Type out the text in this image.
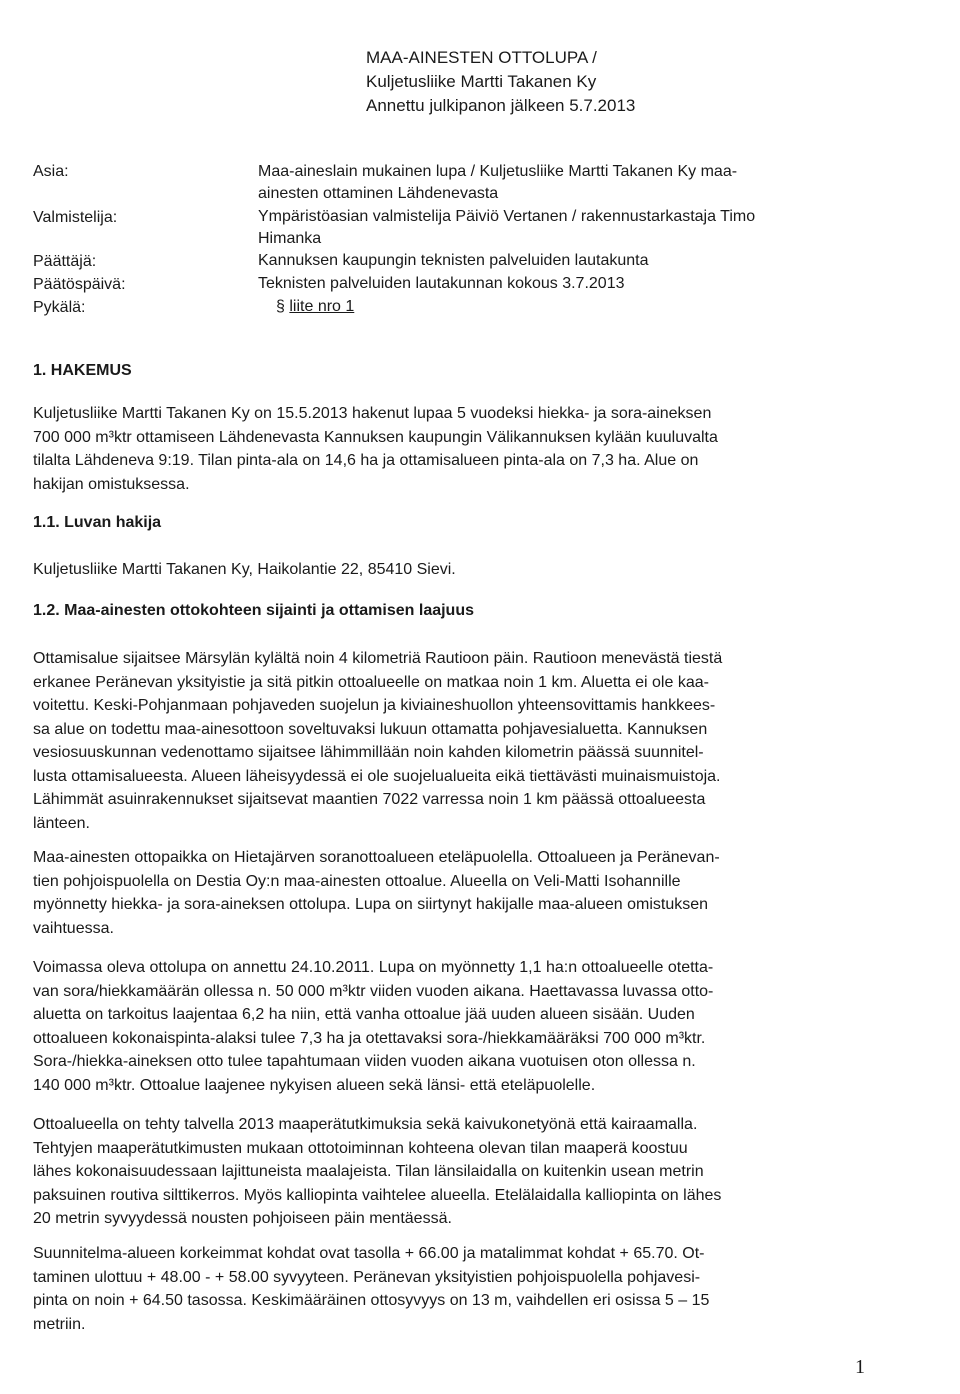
MAA-AINESTEN OTTOLUPA /
Kuljetusliike Martti Takanen Ky
Annettu julkipanon jälkeen 5.7.2013
Asia:	Maa-aineslain mukainen lupa / Kuljetusliike Martti Takanen Ky maa-
ainesten ottaminen Lähdenevasta
Valmistelija:	Ympäristöasian valmistelija Päiviö Vertanen / rakennustarkastaja Timo
Himanka
Päättäjä:	Kannuksen kaupungin teknisten palveluiden lautakunta
Päätöspäivä:	Teknisten palveluiden lautakunnan kokous 3.7.2013
Pykälä:	§ liite nro 1
1. HAKEMUS
Kuljetusliike Martti Takanen Ky on 15.5.2013 hakenut lupaa 5 vuodeksi hiekka- ja sora-aineksen
700 000 m³ktr ottamiseen Lähdenevasta Kannuksen kaupungin Välikannuksen kylään kuuluvalta
tilalta Lähdeneva 9:19. Tilan pinta-ala on 14,6 ha ja ottamisalueen pinta-ala on 7,3 ha. Alue on
hakijan omistuksessa.
1.1. Luvan hakija
Kuljetusliike Martti Takanen Ky, Haikolantie 22, 85410 Sievi.
1.2. Maa-ainesten ottokohteen sijainti ja ottamisen laajuus
Ottamisalue sijaitsee Märsylän kylältä noin 4 kilometriä Rautioon päin. Rautioon menevästä tiestä
erkanee Peränevan yksityistie ja sitä pitkin ottoalueelle on matkaa noin 1 km. Aluetta ei ole kaa-
voitettu. Keski-Pohjanmaan pohjaveden suojelun ja kiviaineshuollon yhteensovittamis hankkees-
sa alue on todettu maa-ainesottoon soveltuvaksi lukuun ottamatta pohjavesialuetta. Kannuksen
vesiosuuskunnan vedenottamo sijaitsee lähimmillään noin kahden kilometrin päässä suunnitel-
lusta ottamisalueesta. Alueen läheisyydessä ei ole suojelualueita eikä tiettävästi muinaismuistoja.
Lähimmät asuinrakennukset sijaitsevat maantien 7022 varressa noin 1 km päässä ottoalueesta
länteen.
Maa-ainesten ottopaikka on Hietajärven soranottoalueen eteläpuolella. Ottoalueen ja Peränevan-
tien pohjoispuolella on Destia Oy:n maa-ainesten ottoalue. Alueella on Veli-Matti Isohannille
myönnetty hiekka- ja sora-aineksen ottolupa. Lupa on siirtynyt hakijalle maa-alueen omistuksen
vaihtuessa.
Voimassa oleva ottolupa on annettu 24.10.2011. Lupa on myönnetty 1,1 ha:n ottoalueelle otetta-
van sora/hiekkamäärän ollessa n. 50 000 m³ktr viiden vuoden aikana. Haettavassa luvassa otto-
aluetta on tarkoitus laajentaa 6,2 ha niin, että vanha ottoalue jää uuden alueen sisään. Uuden
ottoalueen kokonaispinta-alaksi tulee 7,3 ha ja otettavaksi sora-/hiekkamääräksi 700 000 m³ktr.
Sora-/hiekka-aineksen otto tulee tapahtumaan viiden vuoden aikana vuotuisen oton ollessa n.
140 000 m³ktr. Ottoalue laajenee nykyisen alueen sekä länsi- että eteläpuolelle.
Ottoalueella on tehty talvella 2013 maaperätutkimuksia sekä kaivukonetyönä että kairaamalla.
Tehtyjen maaperätutkimusten mukaan ottotoiminnan kohteena olevan tilan maaperä koostuu
lähes kokonaisuudessaan lajittuneista maalajeista. Tilan länsilaidalla on kuitenkin usean metrin
paksuinen routiva silttikerros. Myös kalliopinta vaihtelee alueella. Etelälaidalla kalliopinta on lähes
20 metrin syvyydessä nousten pohjoiseen päin mentäessä.
Suunnitelma-alueen korkeimmat kohdat ovat tasolla + 66.00 ja matalimmat kohdat + 65.70. Ot-
taminen ulottuu + 48.00 - + 58.00 syvyyteen. Peränevan yksityistien pohjoispuolella pohjavesi-
pinta on noin + 64.50 tasossa. Keskimääräinen ottosyvyys on 13 m, vaihdellen eri osissa 5 – 15
metriin.
1
